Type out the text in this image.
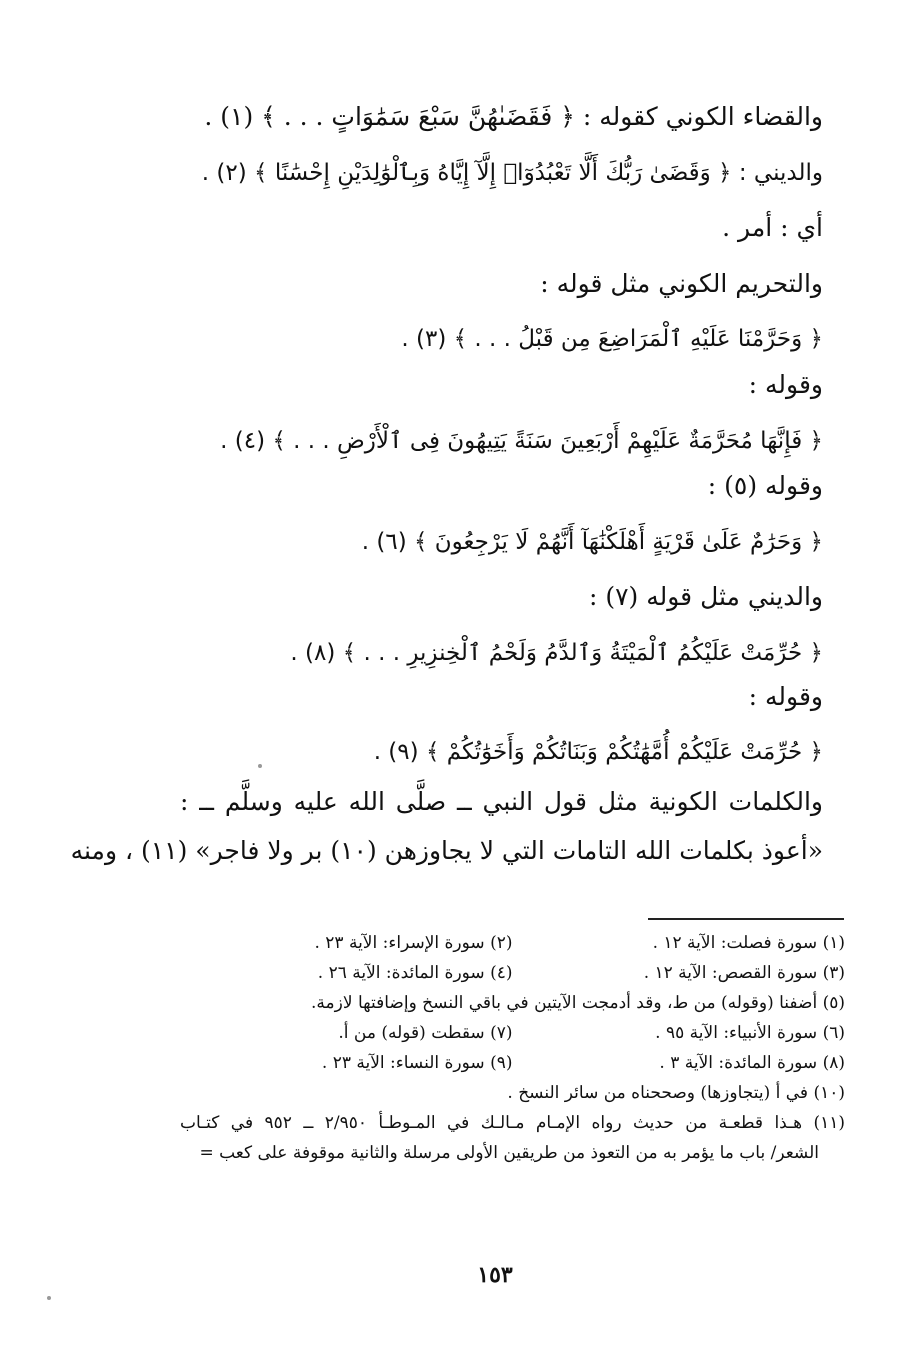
والقضاء الكوني كقوله : ﴿ فَقَضَىٰهُنَّ سَبْعَ سَمَٰوَاتٍ . . . ﴾ (١) .
والديني : ﴿ وَقَضَىٰ رَبُّكَ أَلَّا تَعْبُدُوٓا۟ إِلَّآ إِيَّاهُ وَبِٱلْوَٰلِدَيْنِ إِحْسَٰنًا ﴾ (٢) .
أي : أمر .
والتحريم الكوني مثل قوله :
﴿ وَحَرَّمْنَا عَلَيْهِ ٱلْمَرَاضِعَ مِن قَبْلُ . . . ﴾ (٣) .
وقوله :
﴿ فَإِنَّهَا مُحَرَّمَةٌ عَلَيْهِمْ أَرْبَعِينَ سَنَةً يَتِيهُونَ فِى ٱلْأَرْضِ . . . ﴾ (٤) .
وقوله (٥) :
﴿ وَحَرَٰمٌ عَلَىٰ قَرْيَةٍ أَهْلَكْنَٰهَآ أَنَّهُمْ لَا يَرْجِعُونَ ﴾ (٦) .
والديني مثل قوله (٧) :
﴿ حُرِّمَتْ عَلَيْكُمُ ٱلْمَيْتَةُ وَٱلدَّمُ وَلَحْمُ ٱلْخِنزِيرِ . . . ﴾ (٨) .
وقوله :
﴿ حُرِّمَتْ عَلَيْكُمْ أُمَّهَٰتُكُمْ وَبَنَاتُكُمْ وَأَخَوَٰتُكُمْ ﴾ (٩) .
والكلمات الكونية مثل قول النبي ــ صلَّى الله عليه وسلَّم ــ :
«أعوذ بكلمات الله التامات التي لا يجاوزهن (١٠) بر ولا فاجر» (١١) ، ومنه
(١) سورة فصلت: الآية ١٢ .
(٢) سورة الإسراء: الآية ٢٣ .
(٣) سورة القصص: الآية ١٢ .
(٤) سورة المائدة: الآية ٢٦ .
(٥) أضفنا (وقوله) من ط، وقد أدمجت الآيتين في باقي النسخ وإضافتها لازمة.
(٦) سورة الأنبياء: الآية ٩٥ .
(٧) سقطت (قوله) من أ.
(٨) سورة المائدة: الآية ٣ .
(٩) سورة النساء: الآية ٢٣ .
(١٠) في أ (يتجاوزها) وصححناه من سائر النسخ .
(١١) هـذا قطعـة من حديث رواه الإمـام مـالـك في المـوطـأ ٢/٩٥٠ ــ ٩٥٢ في كتـاب
الشعر/ باب ما يؤمر به من التعوذ من طريقين الأولى مرسلة والثانية موقوفة على كعب =
١٥٣
